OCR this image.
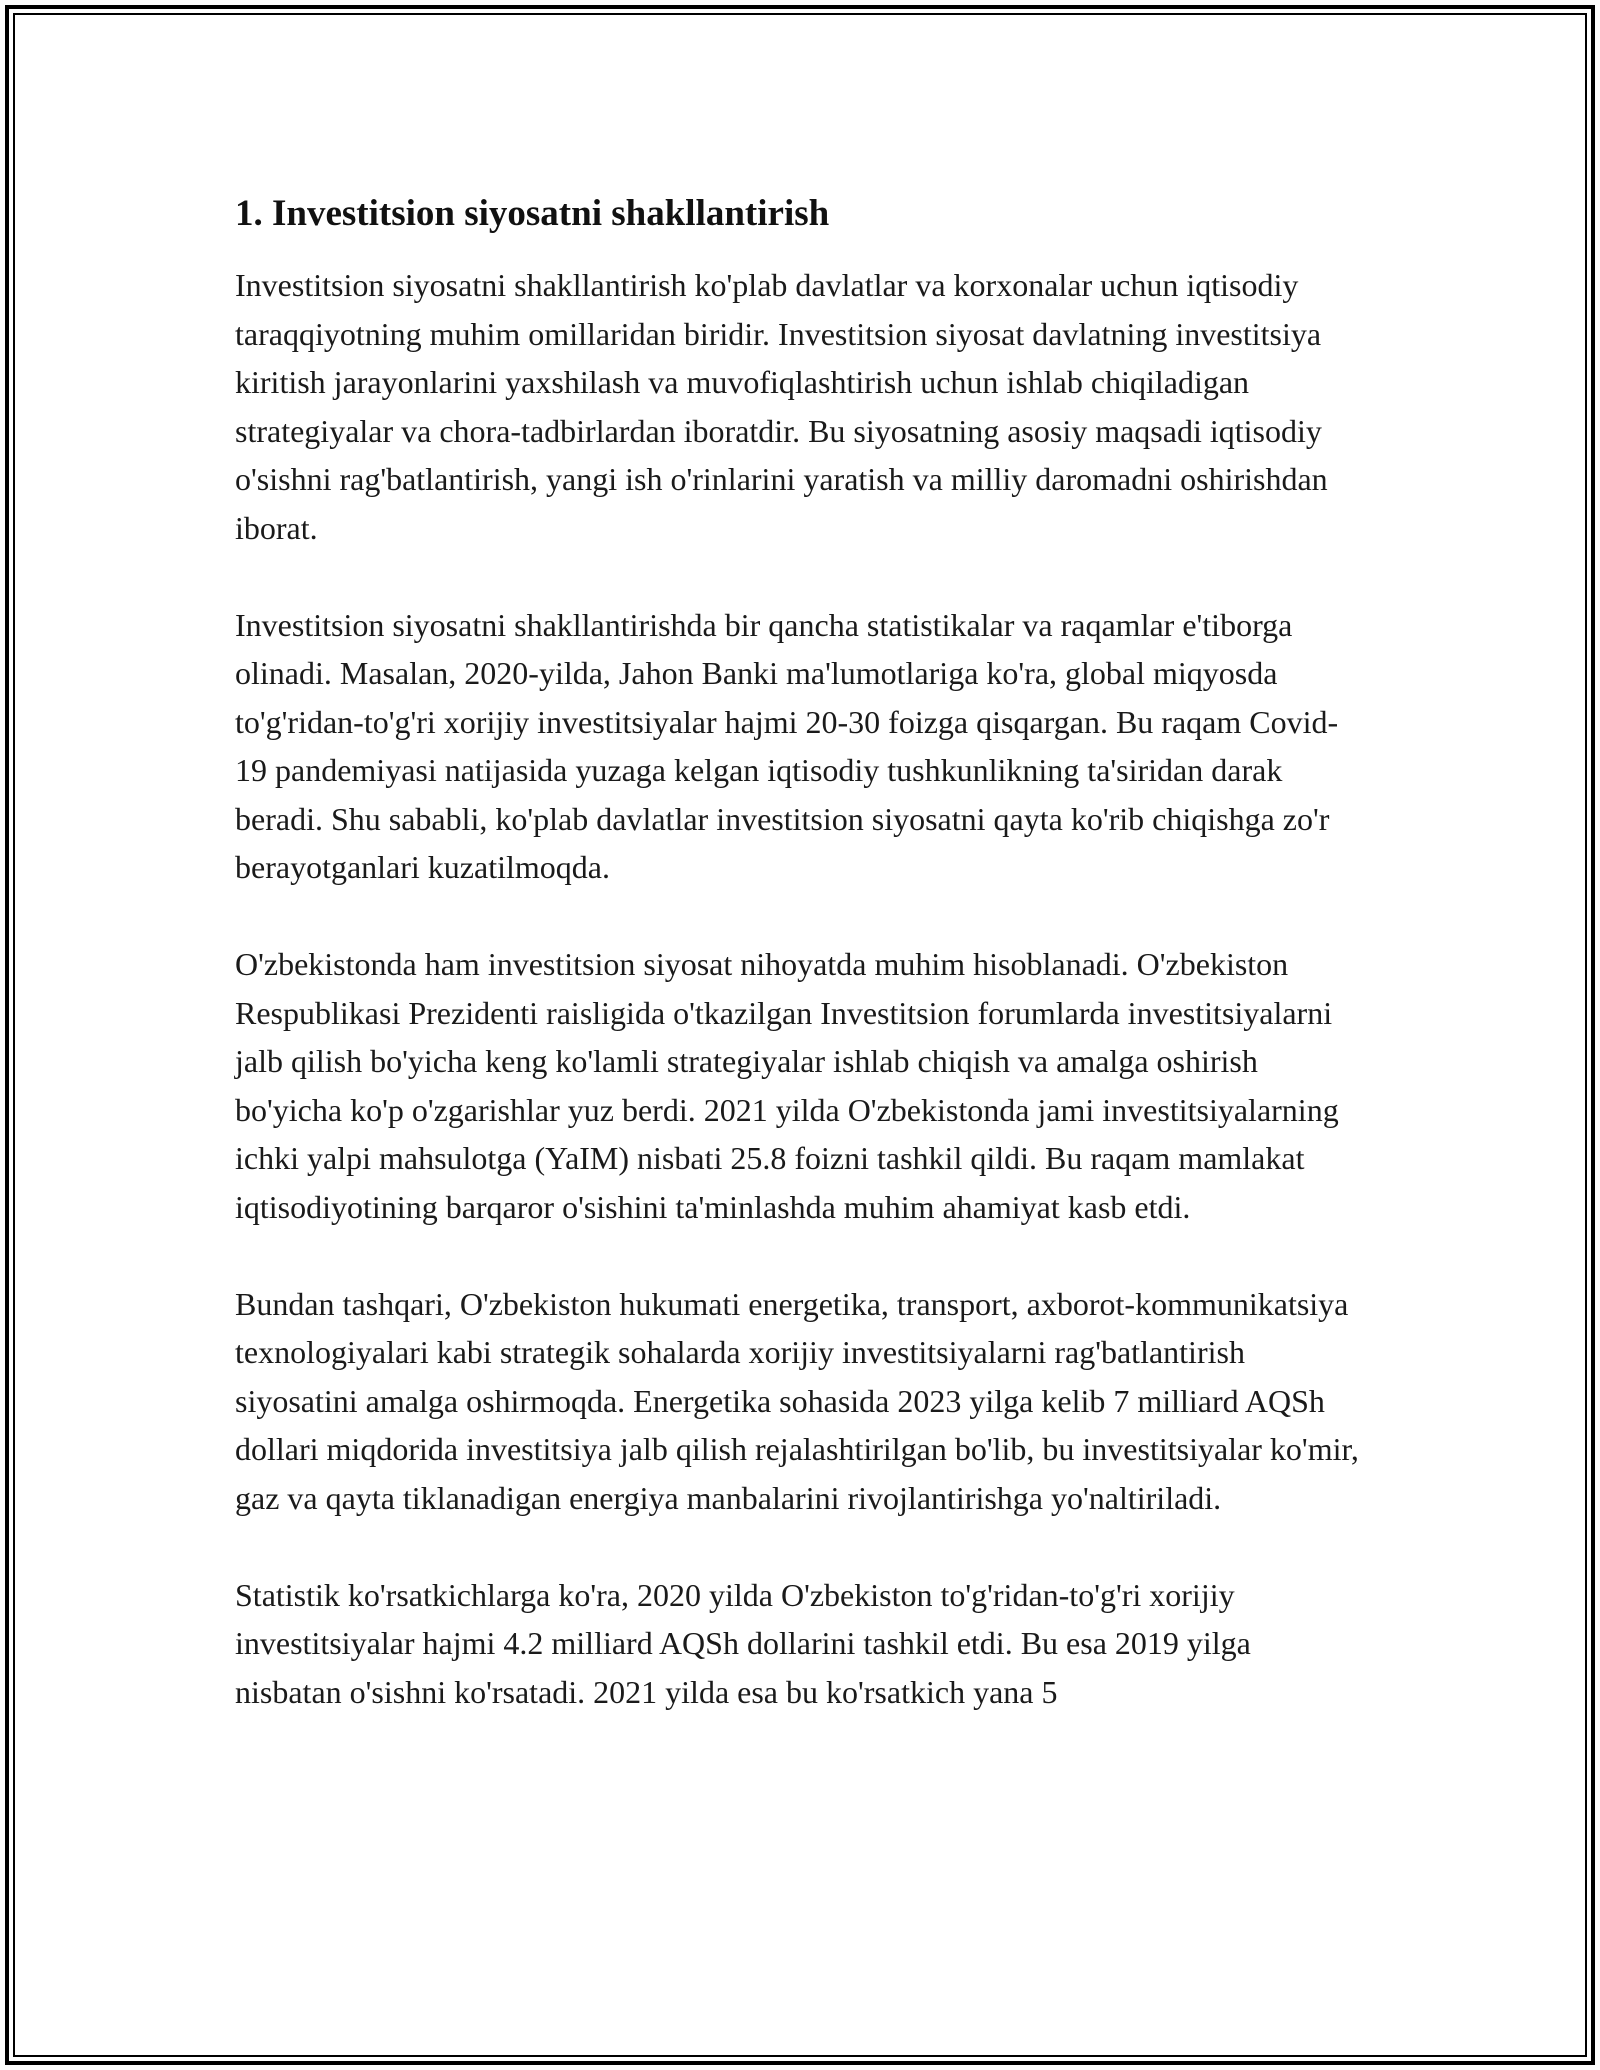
1. Investitsion siyosatni shakllantirish

Investitsion siyosatni shakllantirish ko'plab davlatlar va korxonalar uchun iqtisodiy taraqqiyotning muhim omillaridan biridir. Investitsion siyosat davlatning investitsiya kiritish jarayonlarini yaxshilash va muvofiqlashtirish uchun ishlab chiqiladigan strategiyalar va chora-tadbirlardan iboratdir. Bu siyosatning asosiy maqsadi iqtisodiy o'sishni rag'batlantirish, yangi ish o'rinlarini yaratish va milliy daromadni oshirishdan iborat.

Investitsion siyosatni shakllantirishda bir qancha statistikalar va raqamlar e'tiborga olinadi. Masalan, 2020-yilda, Jahon Banki ma'lumotlariga ko'ra, global miqyosda to'g'ridan-to'g'ri xorijiy investitsiyalar hajmi 20-30 foizga qisqargan. Bu raqam Covid-19 pandemiyasi natijasida yuzaga kelgan iqtisodiy tushkunlikning ta'siridan darak beradi. Shu sababli, ko'plab davlatlar investitsion siyosatni qayta ko'rib chiqishga zo'r berayotganlari kuzatilmoqda.

O'zbekistonda ham investitsion siyosat nihoyatda muhim hisoblanadi. O'zbekiston Respublikasi Prezidenti raisligida o'tkazilgan Investitsion forumlarda investitsiyalarni jalb qilish bo'yicha keng ko'lamli strategiyalar ishlab chiqish va amalga oshirish bo'yicha ko'p o'zgarishlar yuz berdi. 2021 yilda O'zbekistonda jami investitsiyalarning ichki yalpi mahsulotga (YaIM) nisbati 25.8 foizni tashkil qildi. Bu raqam mamlakat iqtisodiyotining barqaror o'sishini ta'minlashda muhim ahamiyat kasb etdi.

Bundan tashqari, O'zbekiston hukumati energetika, transport, axborot-kommunikatsiya texnologiyalari kabi strategik sohalarda xorijiy investitsiyalarni rag'batlantirish siyosatini amalga oshirmoqda. Energetika sohasida 2023 yilga kelib 7 milliard AQSh dollari miqdorida investitsiya jalb qilish rejalashtirilgan bo'lib, bu investitsiyalar ko'mir, gaz va qayta tiklanadigan energiya manbalarini rivojlantirishga yo'naltiriladi.

Statistik ko'rsatkichlarga ko'ra, 2020 yilda O'zbekiston to'g'ridan-to'g'ri xorijiy investitsiyalar hajmi 4.2 milliard AQSh dollarini tashkil etdi. Bu esa 2019 yilga nisbatan o'sishni ko'rsatadi. 2021 yilda esa bu ko'rsatkich yana 5
